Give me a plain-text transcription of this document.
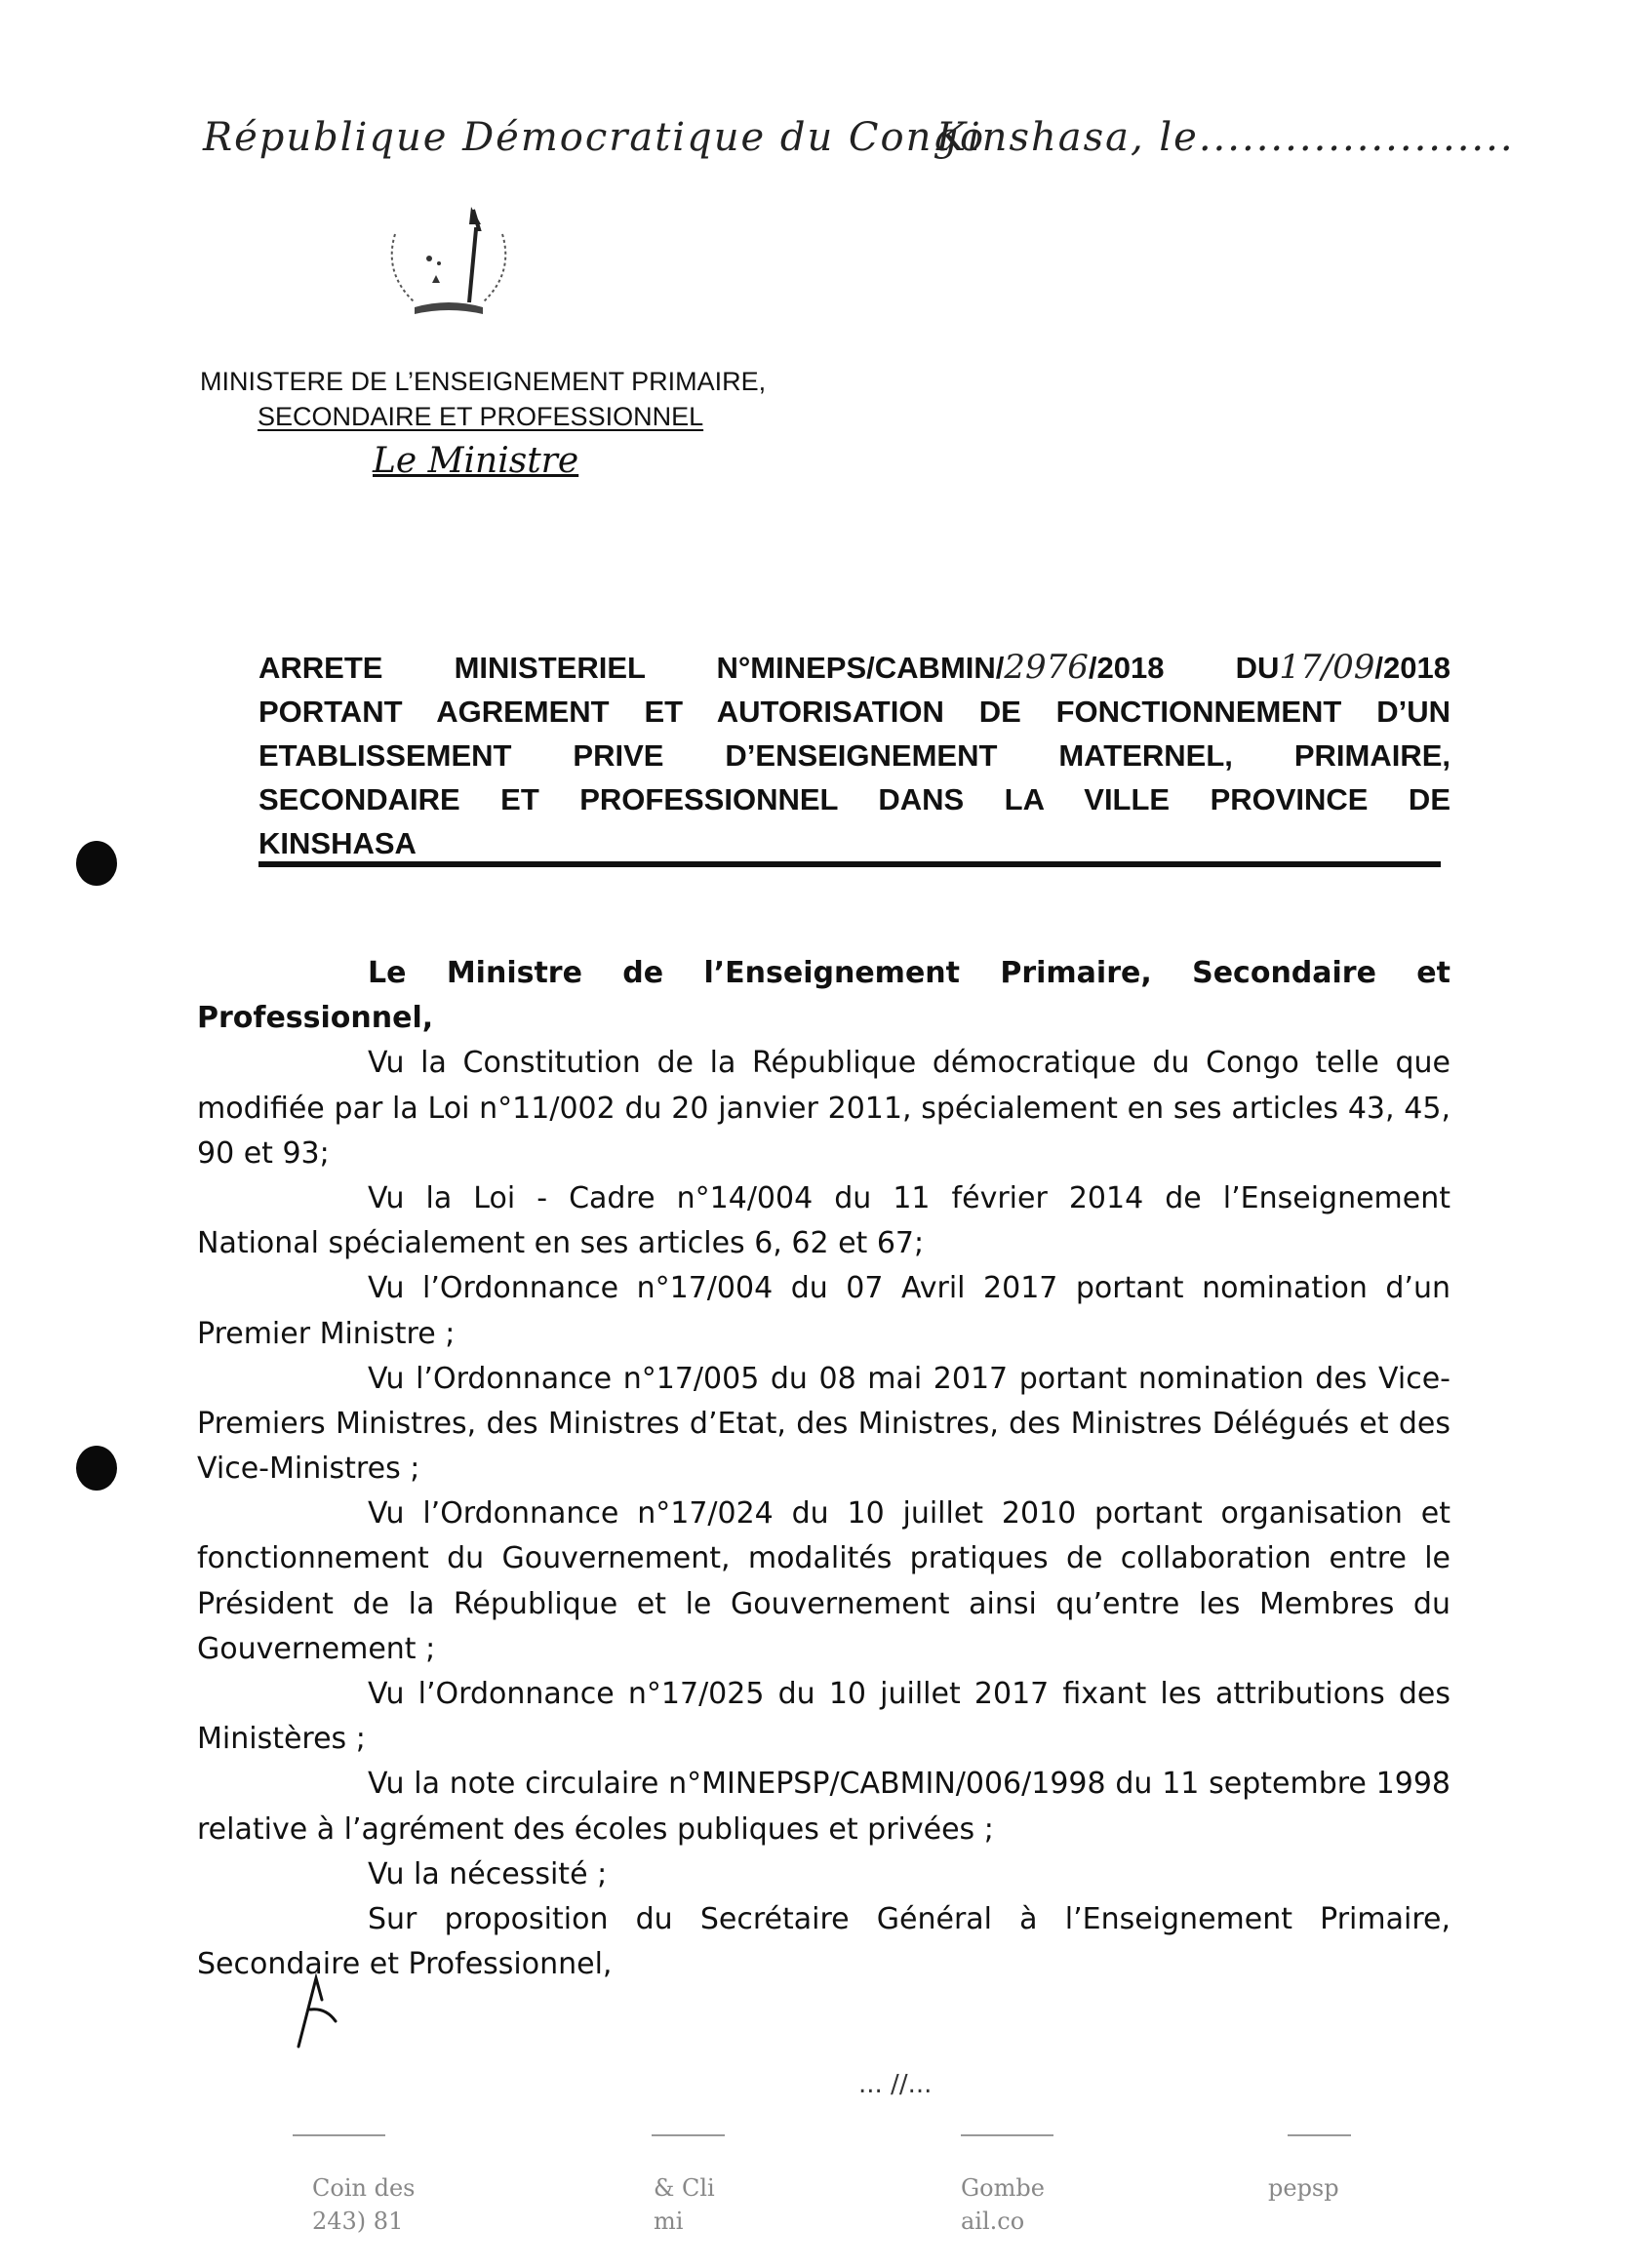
République Démocratique du Congo
Kinshasa, le......................
MINISTERE DE L’ENSEIGNEMENT PRIMAIRE,
SECONDAIRE ET PROFESSIONNEL
Le Ministre
ARRETE MINISTERIEL N°MINEPS/CABMIN/2976/2018 DU17/09/2018
PORTANT AGREMENT ET AUTORISATION DE FONCTIONNEMENT D’UN
ETABLISSEMENT PRIVE D’ENSEIGNEMENT MATERNEL, PRIMAIRE,
SECONDAIRE ET PROFESSIONNEL DANS LA VILLE PROVINCE DE
KINSHASA
Le Ministre de l’Enseignement Primaire, Secondaire et
Professionnel,
Vu la Constitution de la République démocratique du Congo telle que
modifiée par la Loi n°11/002 du 20 janvier 2011, spécialement en ses articles 43, 45,
90 et 93;
Vu la Loi - Cadre n°14/004 du 11 février 2014 de l’Enseignement
National spécialement en ses articles 6, 62 et 67;
Vu l’Ordonnance n°17/004 du 07 Avril 2017 portant nomination d’un
Premier Ministre ;
Vu l’Ordonnance n°17/005 du 08 mai 2017 portant nomination des Vice-
Premiers Ministres, des Ministres d’Etat, des Ministres, des Ministres Délégués et des
Vice-Ministres ;
Vu l’Ordonnance n°17/024 du 10 juillet 2010 portant organisation et
fonctionnement du Gouvernement, modalités pratiques de collaboration entre le
Président de la République et le Gouvernement ainsi qu’entre les Membres du
Gouvernement ;
Vu l’Ordonnance n°17/025 du 10 juillet 2017 fixant les attributions des
Ministères ;
Vu la note circulaire n°MINEPSP/CABMIN/006/1998 du 11 septembre 1998
relative à l’agrément des écoles publiques et privées ;
Vu la nécessité ;
Sur proposition du Secrétaire Général à l’Enseignement Primaire,
Secondaire et Professionnel,
... //...
Coin des
243) 81
& Cli
mi
Gombe
ail.co
pepsp
